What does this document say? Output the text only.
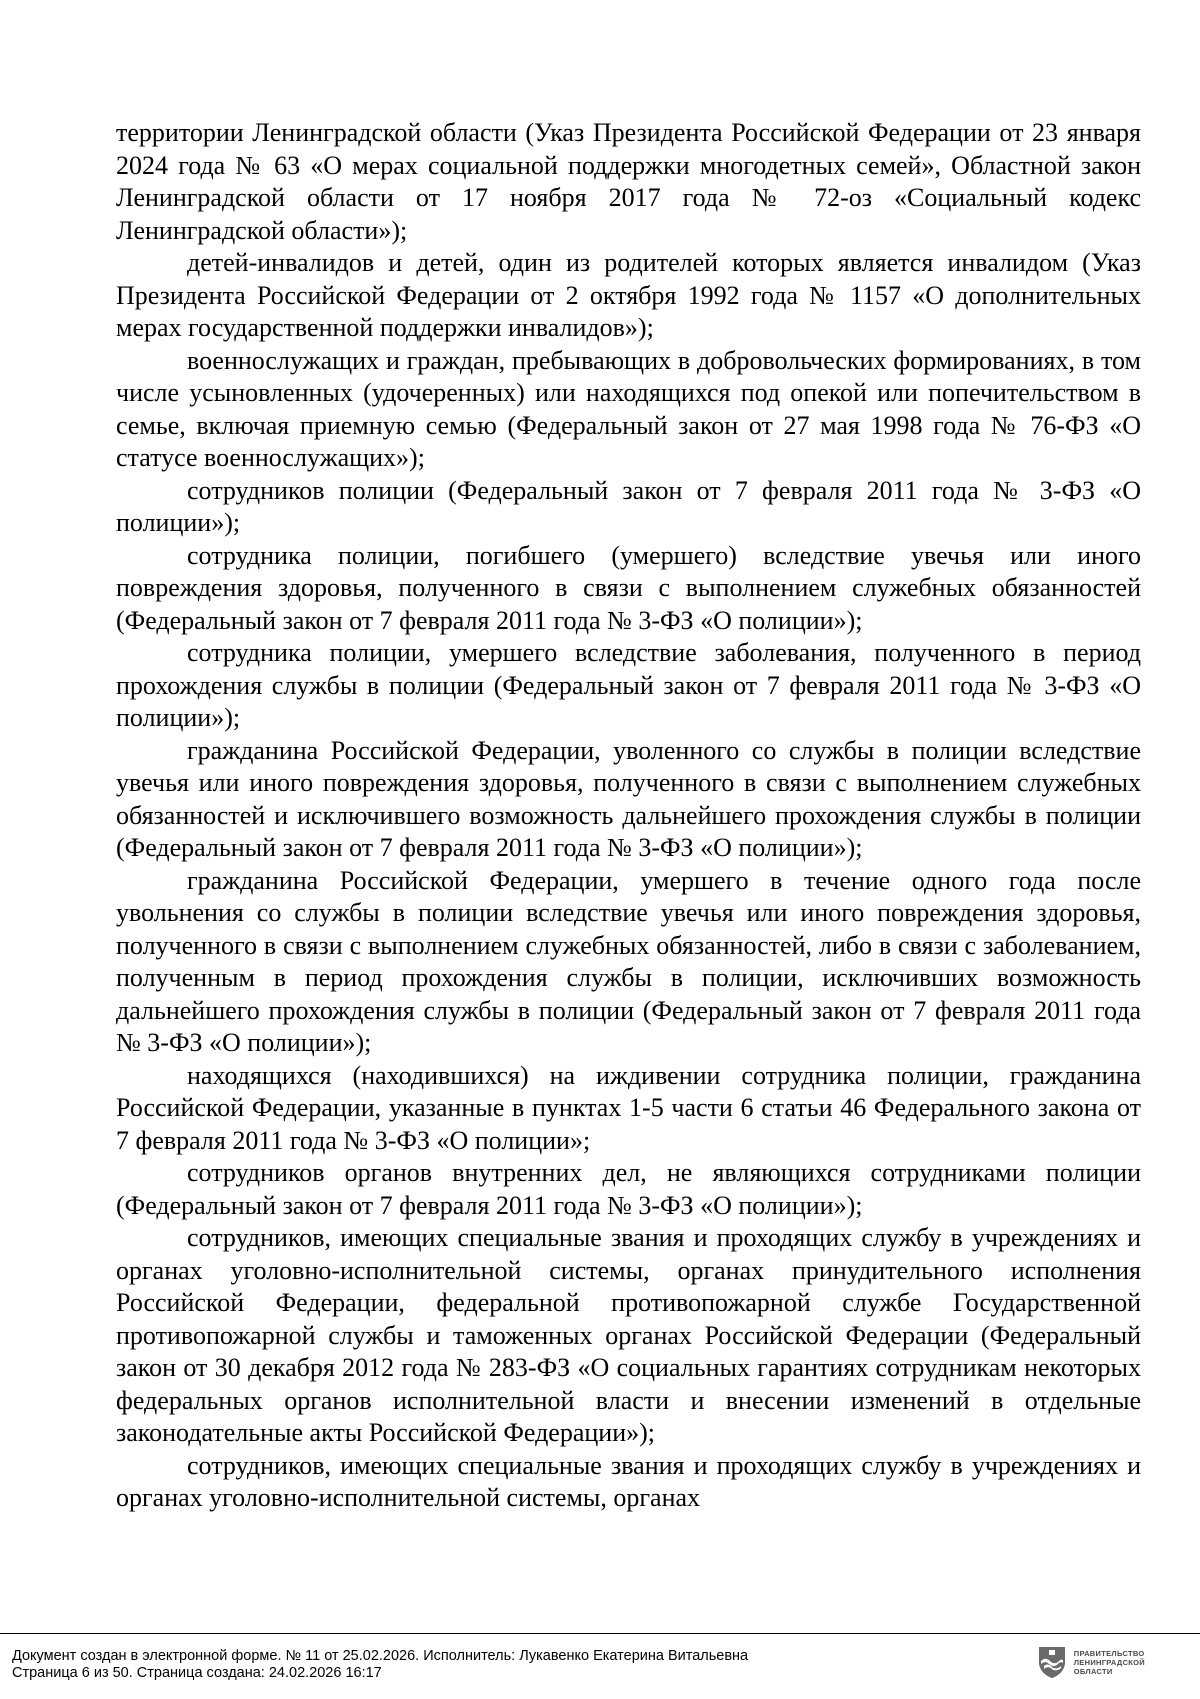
территории Ленинградской области (Указ Президента Российской Федерации от 23 января 2024 года № 63 «О мерах социальной поддержки многодетных семей», Областной закон Ленинградской области от 17 ноября 2017 года № 72-оз «Социальный кодекс Ленинградской области»);

детей-инвалидов и детей, один из родителей которых является инвалидом (Указ Президента Российской Федерации от 2 октября 1992 года № 1157 «О дополнительных мерах государственной поддержки инвалидов»);

военнослужащих и граждан, пребывающих в добровольческих формированиях, в том числе усыновленных (удочеренных) или находящихся под опекой или попечительством в семье, включая приемную семью (Федеральный закон от 27 мая 1998 года № 76-ФЗ «О статусе военнослужащих»);

сотрудников полиции (Федеральный закон от 7 февраля 2011 года № 3-ФЗ «О полиции»);

сотрудника полиции, погибшего (умершего) вследствие увечья или иного повреждения здоровья, полученного в связи с выполнением служебных обязанностей (Федеральный закон от 7 февраля 2011 года № 3-ФЗ «О полиции»);

сотрудника полиции, умершего вследствие заболевания, полученного в период прохождения службы в полиции (Федеральный закон от 7 февраля 2011 года № 3-ФЗ «О полиции»);

гражданина Российской Федерации, уволенного со службы в полиции вследствие увечья или иного повреждения здоровья, полученного в связи с выполнением служебных обязанностей и исключившего возможность дальнейшего прохождения службы в полиции (Федеральный закон от 7 февраля 2011 года № 3-ФЗ «О полиции»);

гражданина Российской Федерации, умершего в течение одного года после увольнения со службы в полиции вследствие увечья или иного повреждения здоровья, полученного в связи с выполнением служебных обязанностей, либо в связи с заболеванием, полученным в период прохождения службы в полиции, исключивших возможность дальнейшего прохождения службы в полиции (Федеральный закон от 7 февраля 2011 года № 3-ФЗ «О полиции»);

находящихся (находившихся) на иждивении сотрудника полиции, гражданина Российской Федерации, указанные в пунктах 1-5 части 6 статьи 46 Федерального закона от 7 февраля 2011 года № 3-ФЗ «О полиции»;

сотрудников органов внутренних дел, не являющихся сотрудниками полиции (Федеральный закон от 7 февраля 2011 года № 3-ФЗ «О полиции»);

сотрудников, имеющих специальные звания и проходящих службу в учреждениях и органах уголовно-исполнительной системы, органах принудительного исполнения Российской Федерации, федеральной противопожарной службе Государственной противопожарной службы и таможенных органах Российской Федерации (Федеральный закон от 30 декабря 2012 года № 283-ФЗ «О социальных гарантиях сотрудникам некоторых федеральных органов исполнительной власти и внесении изменений в отдельные законодательные акты Российской Федерации»);

сотрудников, имеющих специальные звания и проходящих службу в учреждениях и органах уголовно-исполнительной системы, органах

Документ создан в электронной форме. № 11 от 25.02.2026. Исполнитель: Лукавенко Екатерина Витальевна
Страница 6 из 50. Страница создана: 24.02.2026 16:17
ПРАВИТЕЛЬСТВО
ЛЕНИНГРАДСКОЙ
ОБЛАСТИ
